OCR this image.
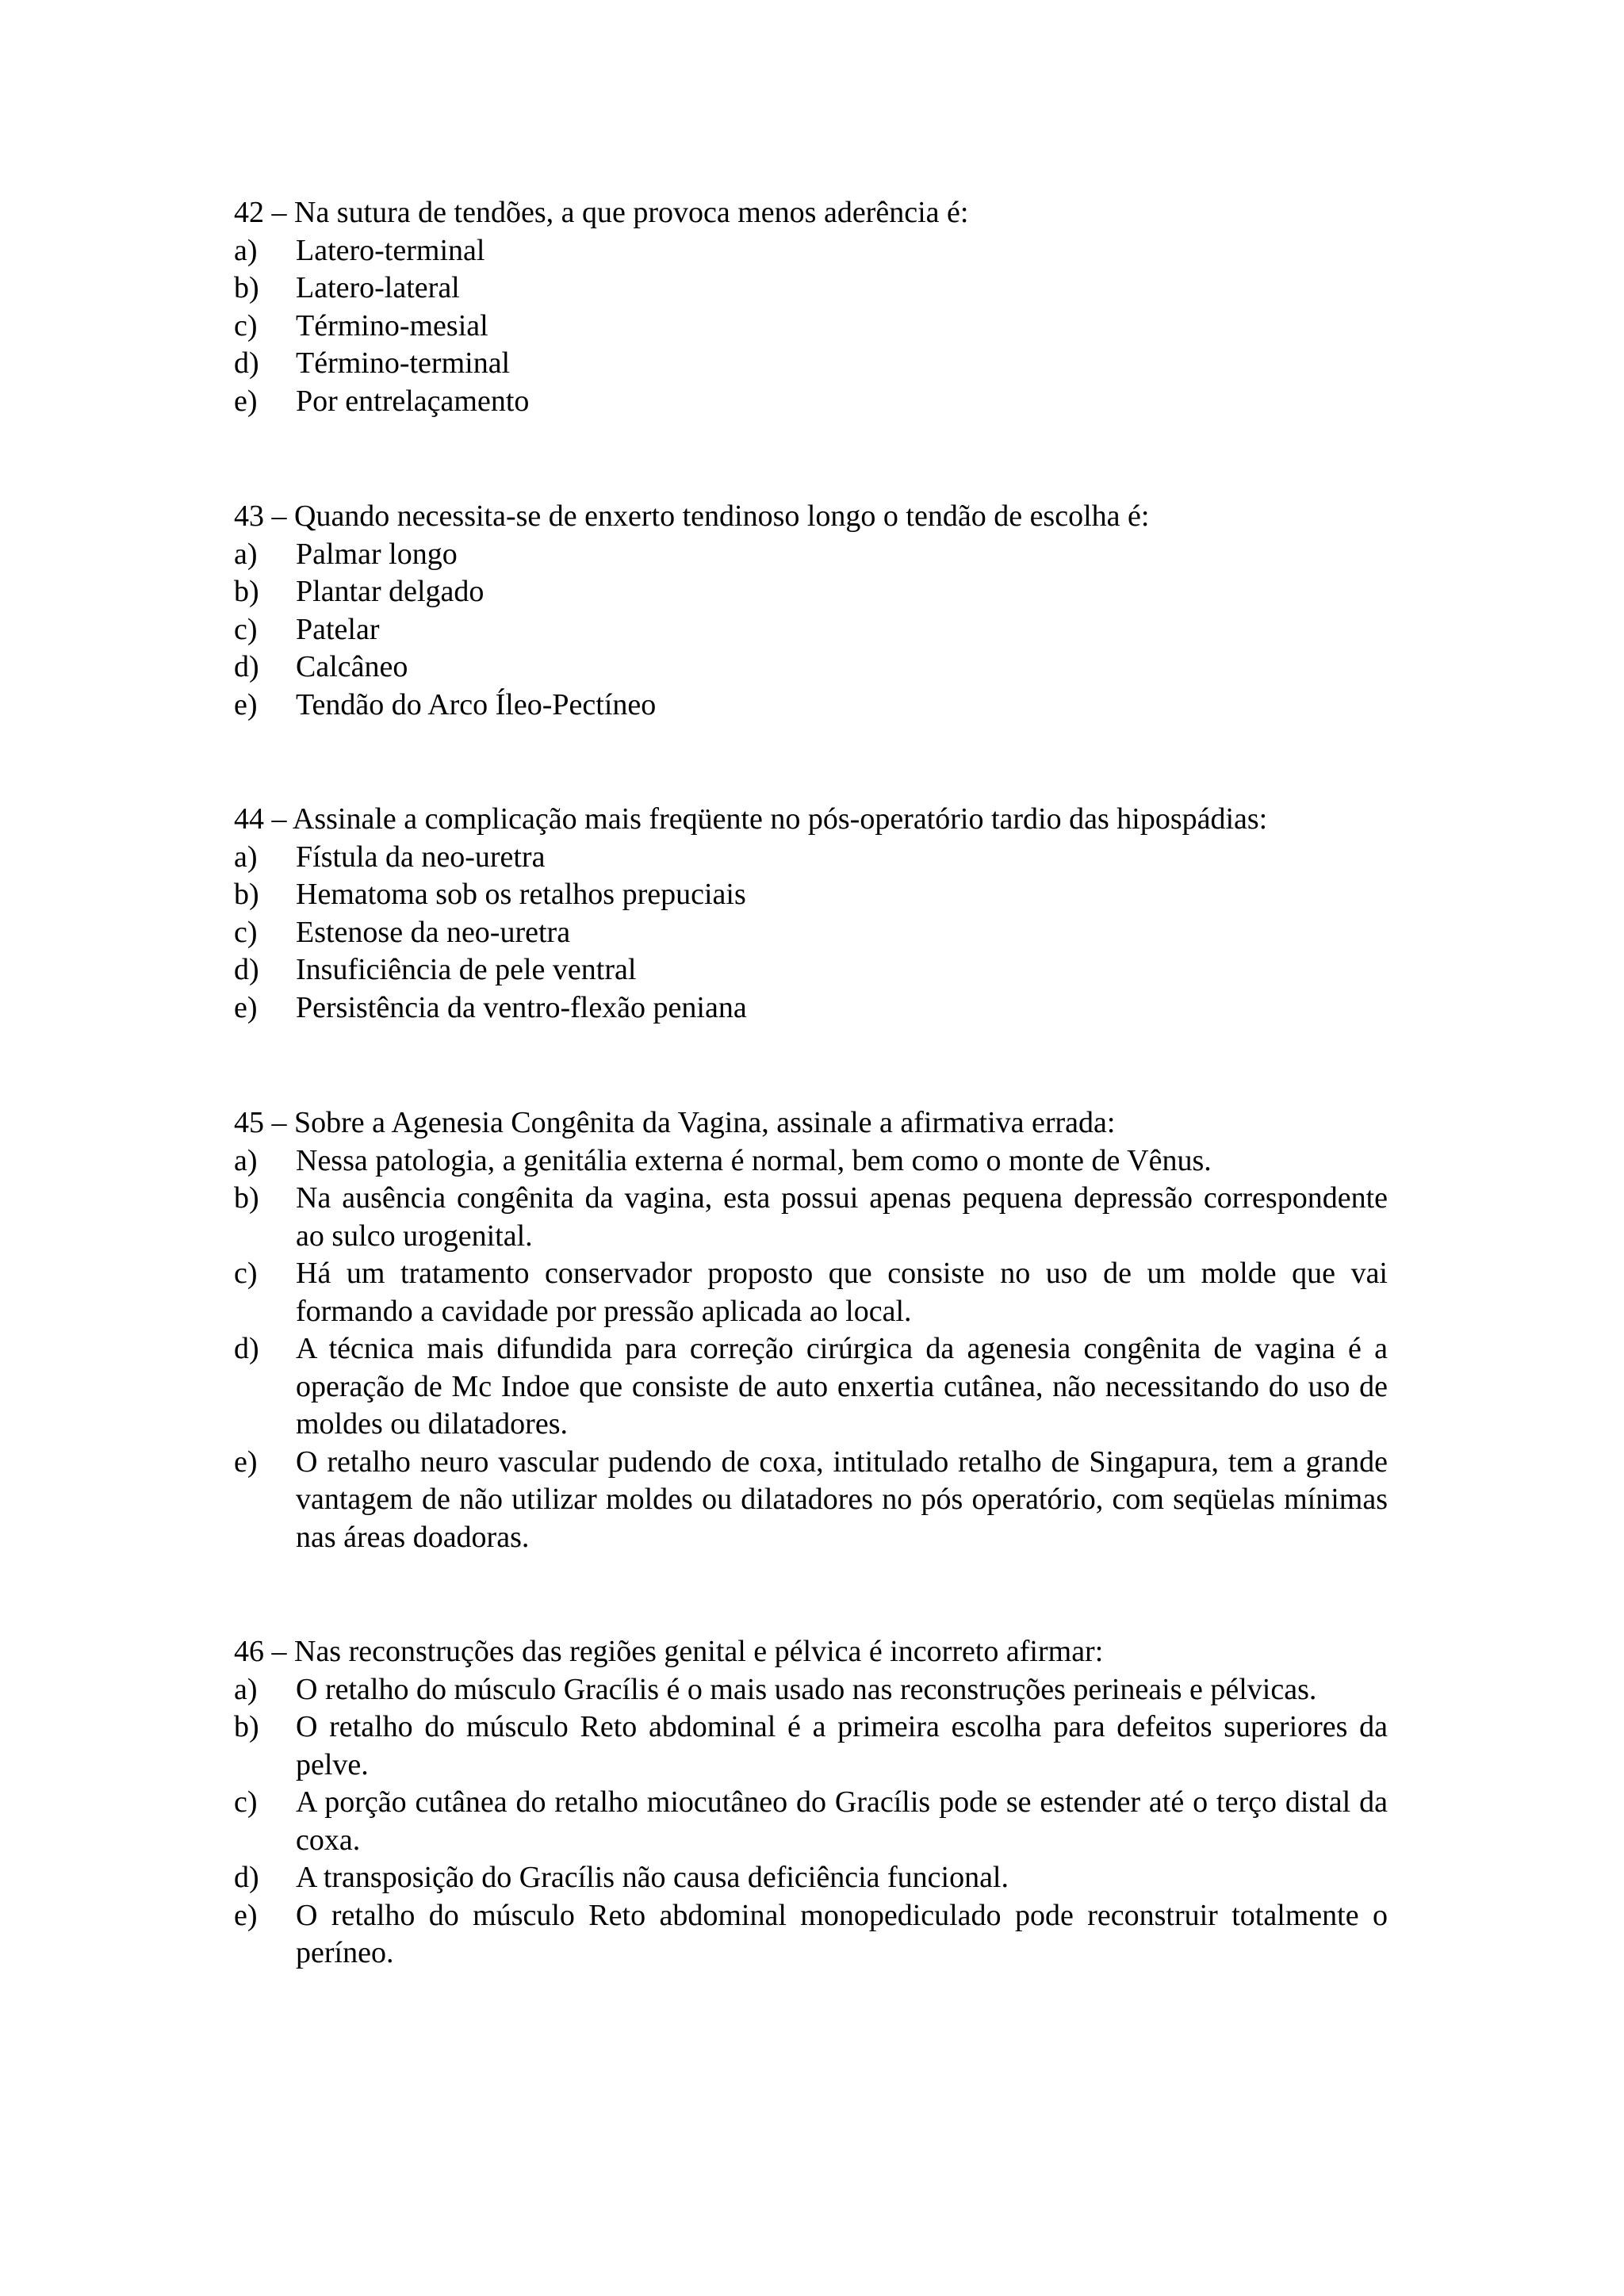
42 – Na sutura de tendões, a que provoca menos aderência é:
a)	Latero-terminal
b)	Latero-lateral
c)	Término-mesial
d)	Término-terminal
e)	Por entrelaçamento
43 – Quando necessita-se de enxerto tendinoso longo o tendão de escolha é:
a)	Palmar longo
b)	Plantar delgado
c)	Patelar
d)	Calcâneo
e)	Tendão do Arco Íleo-Pectíneo
44 – Assinale a complicação mais freqüente no pós-operatório tardio das hipospádias:
a)	Fístula da neo-uretra
b)	Hematoma sob os retalhos prepuciais
c)	Estenose da neo-uretra
d)	Insuficiência de pele ventral
e)	Persistência da ventro-flexão peniana
45 – Sobre a Agenesia Congênita da Vagina, assinale a afirmativa errada:
a)	Nessa patologia, a genitália externa é normal, bem como o monte de Vênus.
b)	Na ausência congênita da vagina, esta possui apenas pequena depressão correspondente ao sulco urogenital.
c)	Há um tratamento conservador proposto que consiste no uso de um molde que vai formando a cavidade por pressão aplicada ao local.
d)	A técnica mais difundida para correção cirúrgica da agenesia congênita de vagina é a operação de Mc Indoe que consiste de auto enxertia cutânea, não necessitando do uso de moldes ou dilatadores.
e)	O retalho neuro vascular pudendo de coxa, intitulado retalho de Singapura, tem a grande vantagem de não utilizar moldes ou dilatadores no pós operatório, com seqüelas mínimas nas áreas doadoras.
46 – Nas reconstruções das regiões genital e pélvica é incorreto afirmar:
a)	O retalho do músculo Gracílis é o mais usado nas reconstruções perineais e pélvicas.
b)	O retalho do músculo Reto abdominal é a primeira escolha para defeitos superiores da pelve.
c)	A porção cutânea do retalho miocutâneo do Gracílis pode se estender até o terço distal da coxa.
d)	A transposição do Gracílis não causa deficiência funcional.
e)	O retalho do músculo Reto abdominal monopediculado pode reconstruir totalmente o períneo.
